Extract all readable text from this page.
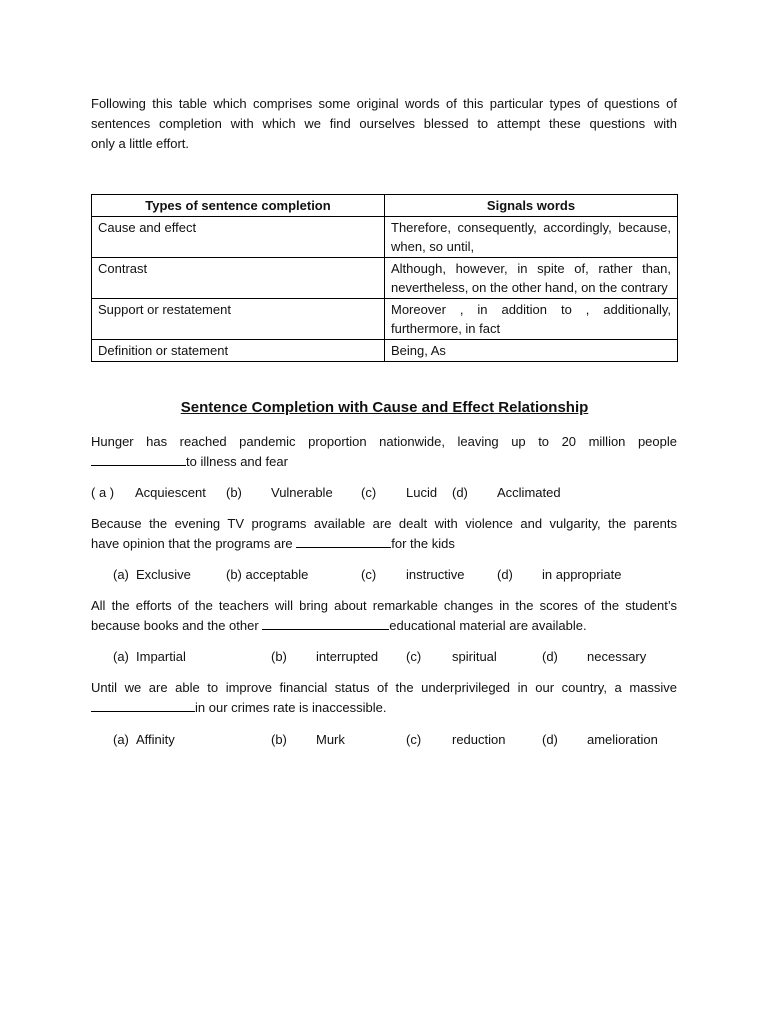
Following this table which comprises some original words of this particular types of questions of
sentences completion with which we find ourselves blessed to attempt these questions with
only a little effort.

Types of sentence completion	Signals words
Cause and effect	Therefore, consequently, accordingly, because, when, so until,
Contrast	Although, however, in spite of, rather than, nevertheless, on the other hand, on the contrary
Support or restatement	Moreover , in addition to , additionally, furthermore, in fact
Definition or statement	Being, As
Sentence Completion with Cause and Effect Relationship

Hunger has reached pandemic proportion nationwide, leaving up to 20 million people
to illness and fear

( a ) Acquiescent (b) Vulnerable (c) Lucid (d) Acclimated

Because the evening TV programs available are dealt with violence and vulgarity, the parents
have opinion that the programs are	for the kids

(a) Exclusive	(b) acceptable	(c) instructive (d) in appropriate

All the efforts of the teachers will bring about remarkable changes in the scores of the student’s
because books and the other	educational material are available.

(a) Impartial	(b) interrupted (c) spiritual	(d) necessary

Until we are able to improve financial status of the underprivileged in our country, a massive
in our crimes rate is inaccessible.

(a) Affinity	(b) Murk	(c) reduction	(d) amelioration
